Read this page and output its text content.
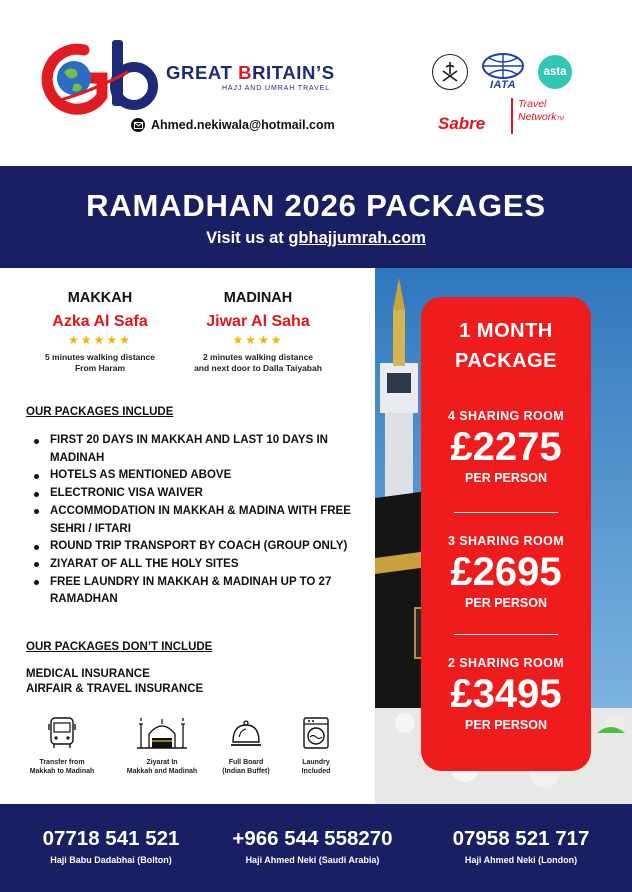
GREAT BRITAIN’S
HAJJ AND UMRAH TRAVEL
Ahmed.nekiwala@hotmail.com
IATA
asta
Sabre
Travel
NetworkTM
RAMADHAN 2026 PACKAGES
Visit us at gbhajjumrah.com
MAKKAH
Azka Al Safa
★★★★★
5 minutes walking distance
From Haram
MADINAH
Jiwar Al Saha
★★★★
2 minutes walking distance
and next door to Dalla Taiyabah
OUR PACKAGES INCLUDE
FIRST 20 DAYS IN MAKKAH AND LAST 10 DAYS IN MADINAH
HOTELS AS MENTIONED ABOVE
ELECTRONIC VISA WAIVER
ACCOMMODATION IN MAKKAH & MADINA WITH FREE SEHRI / IFTARI
ROUND TRIP TRANSPORT BY COACH (GROUP ONLY)
ZIYARAT OF ALL THE HOLY SITES
FREE LAUNDRY IN MAKKAH & MADINAH UP TO 27 RAMADHAN
OUR PACKAGES DON’T INCLUDE
MEDICAL INSURANCE
AIRFAIR & TRAVEL INSURANCE
Transfer from
Makkah to Madinah
Ziyarat In
Makkah and Madinah
Full Board
(Indian Buffet)
Laundry
Included
1 MONTH
PACKAGE
4 SHARING ROOM
£2275
PER PERSON
3 SHARING ROOM
£2695
PER PERSON
2 SHARING ROOM
£3495
PER PERSON
07718 541 521
Haji Babu Dadabhai (Bolton)
+966 544 558270
Haji Ahmed Neki (Saudi Arabia)
07958 521 717
Haji Ahmed Neki (London)
